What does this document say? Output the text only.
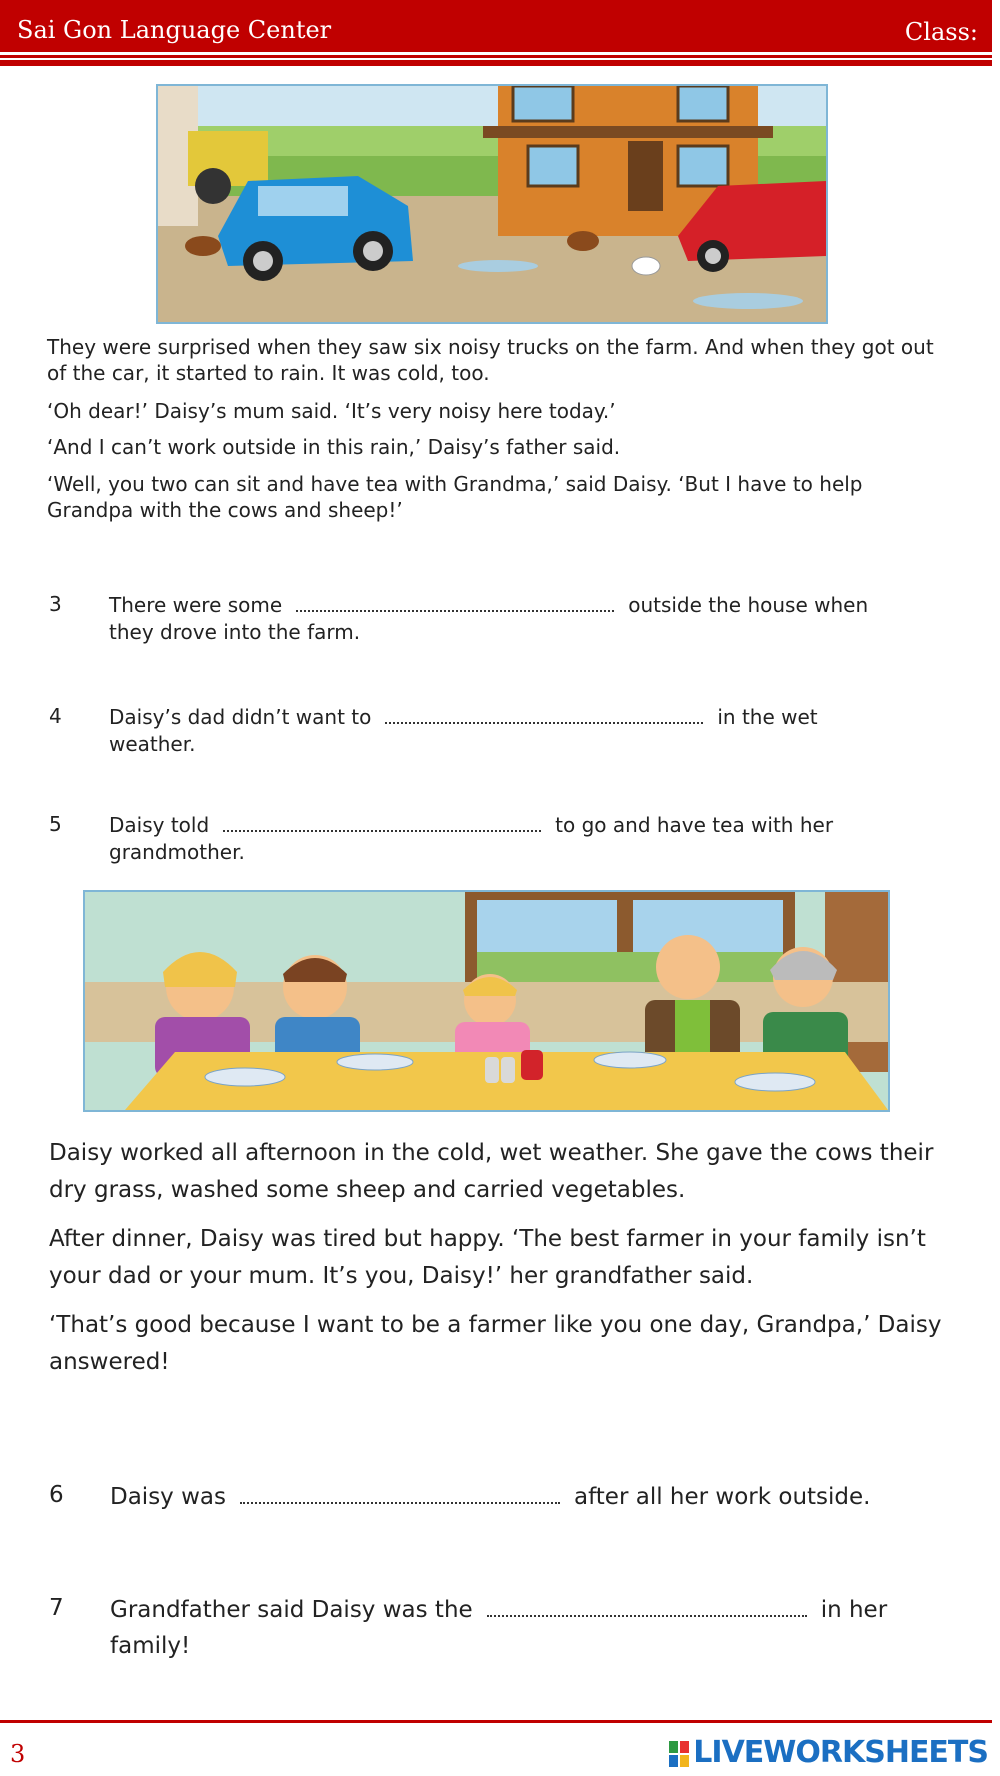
Sai Gon Language Center	Class:

They were surprised when they saw six noisy trucks on the farm. And when they got out of the car, it started to rain. It was cold, too.

‘Oh dear!’ Daisy’s mum said. ‘It’s very noisy here today.’

‘And I can’t work outside in this rain,’ Daisy’s father said.

‘Well, you two can sit and have tea with Grandma,’ said Daisy. ‘But I have to help Grandpa with the cows and sheep!’

3 There were some	outside the house when
they drove into the farm.
4 Daisy’s dad didn’t want to	in the wet
weather.
5 Daisy told	to go and have tea with her
grandmother.

Daisy worked all afternoon in the cold, wet weather. She gave the cows their dry grass, washed some sheep and carried vegetables.

After dinner, Daisy was tired but happy. ‘The best farmer in your family isn’t your dad or your mum. It’s you, Daisy!’ her grandfather said.

‘That’s good because I want to be a farmer like you one day, Grandpa,’ Daisy answered!

6 Daisy was	after all her work outside.
7 Grandfather said Daisy was the	in her
family!
3	LIVEWORKSHEETS
